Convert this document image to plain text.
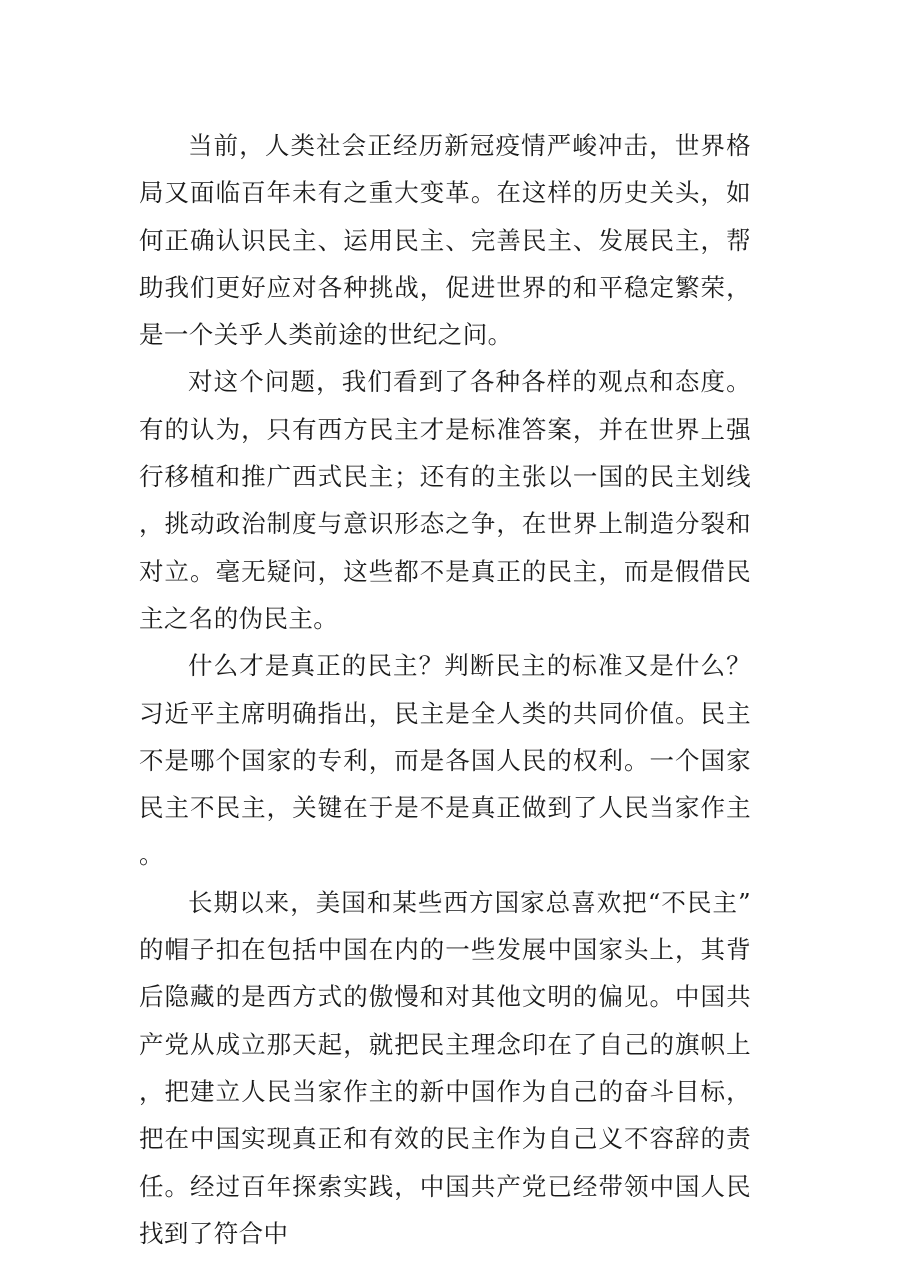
当前，人类社会正经历新冠疫情严峻冲击，世界格局又面临百年未有之重大变革。在这样的历史关头，如何正确认识民主、运用民主、完善民主、发展民主，帮助我们更好应对各种挑战，促进世界的和平稳定繁荣，是一个关乎人类前途的世纪之问。

对这个问题，我们看到了各种各样的观点和态度。有的认为，只有西方民主才是标准答案，并在世界上强行移植和推广西式民主；还有的主张以一国的民主划线，挑动政治制度与意识形态之争，在世界上制造分裂和对立。毫无疑问，这些都不是真正的民主，而是假借民主之名的伪民主。

什么才是真正的民主？判断民主的标准又是什么？习近平主席明确指出，民主是全人类的共同价值。民主不是哪个国家的专利，而是各国人民的权利。一个国家民主不民主，关键在于是不是真正做到了人民当家作主。

长期以来，美国和某些西方国家总喜欢把“不民主”的帽子扣在包括中国在内的一些发展中国家头上，其背后隐藏的是西方式的傲慢和对其他文明的偏见。中国共产党从成立那天起，就把民主理念印在了自己的旗帜上，把建立人民当家作主的新中国作为自己的奋斗目标，把在中国实现真正和有效的民主作为自己义不容辞的责任。经过百年探索实践，中国共产党已经带领中国人民找到了符合中
